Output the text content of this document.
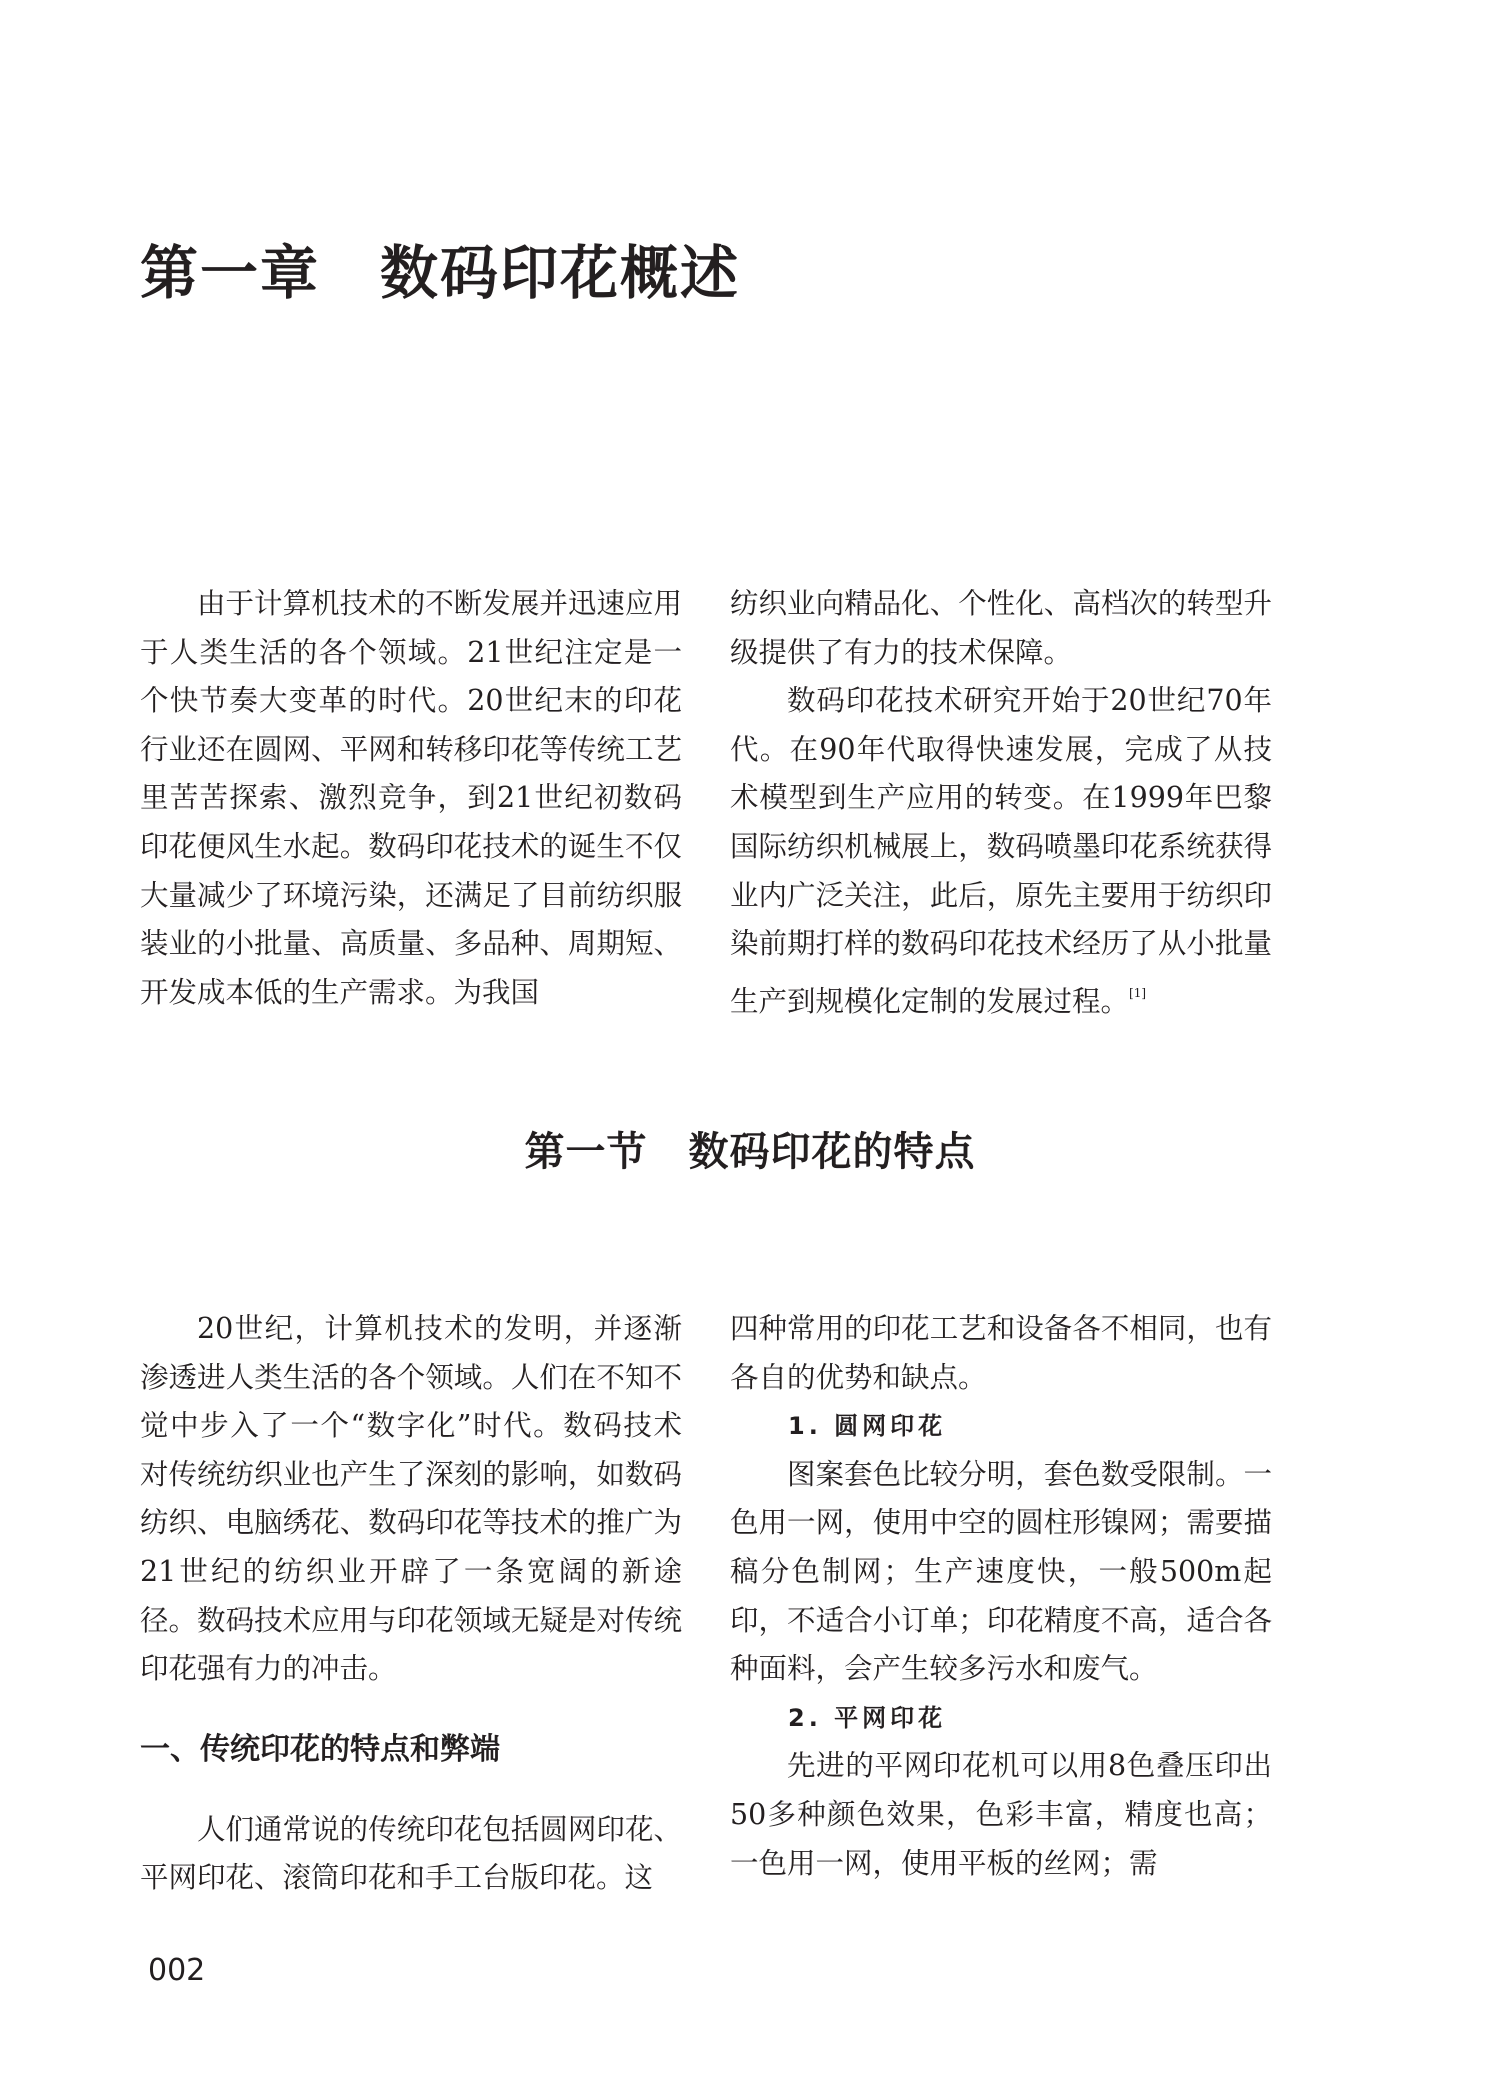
第一章　数码印花概述

由于计算机技术的不断发展并迅速应用于人类生活的各个领域。21世纪注定是一个快节奏大变革的时代。20世纪末的印花行业还在圆网、平网和转移印花等传统工艺里苦苦探索、激烈竞争，到21世纪初数码印花便风生水起。数码印花技术的诞生不仅大量减少了环境污染，还满足了目前纺织服装业的小批量、高质量、多品种、周期短、开发成本低的生产需求。为我国

纺织业向精品化、个性化、高档次的转型升级提供了有力的技术保障。

数码印花技术研究开始于20世纪70年代。在90年代取得快速发展，完成了从技术模型到生产应用的转变。在1999年巴黎国际纺织机械展上，数码喷墨印花系统获得业内广泛关注，此后，原先主要用于纺织印染前期打样的数码印花技术经历了从小批量生产到规模化定制的发展过程。[1]

第一节　数码印花的特点

20世纪，计算机技术的发明，并逐渐渗透进人类生活的各个领域。人们在不知不觉中步入了一个“数字化”时代。数码技术对传统纺织业也产生了深刻的影响，如数码纺织、电脑绣花、数码印花等技术的推广为21世纪的纺织业开辟了一条宽阔的新途径。数码技术应用与印花领域无疑是对传统印花强有力的冲击。

一、传统印花的特点和弊端

人们通常说的传统印花包括圆网印花、平网印花、滚筒印花和手工台版印花。这

四种常用的印花工艺和设备各不相同，也有各自的优势和缺点。

1. 圆网印花

图案套色比较分明，套色数受限制。一色用一网，使用中空的圆柱形镍网；需要描稿分色制网；生产速度快，一般500m起印，不适合小订单；印花精度不高，适合各种面料，会产生较多污水和废气。

2. 平网印花

先进的平网印花机可以用8色叠压印出50多种颜色效果，色彩丰富，精度也高；一色用一网，使用平板的丝网；需

002
